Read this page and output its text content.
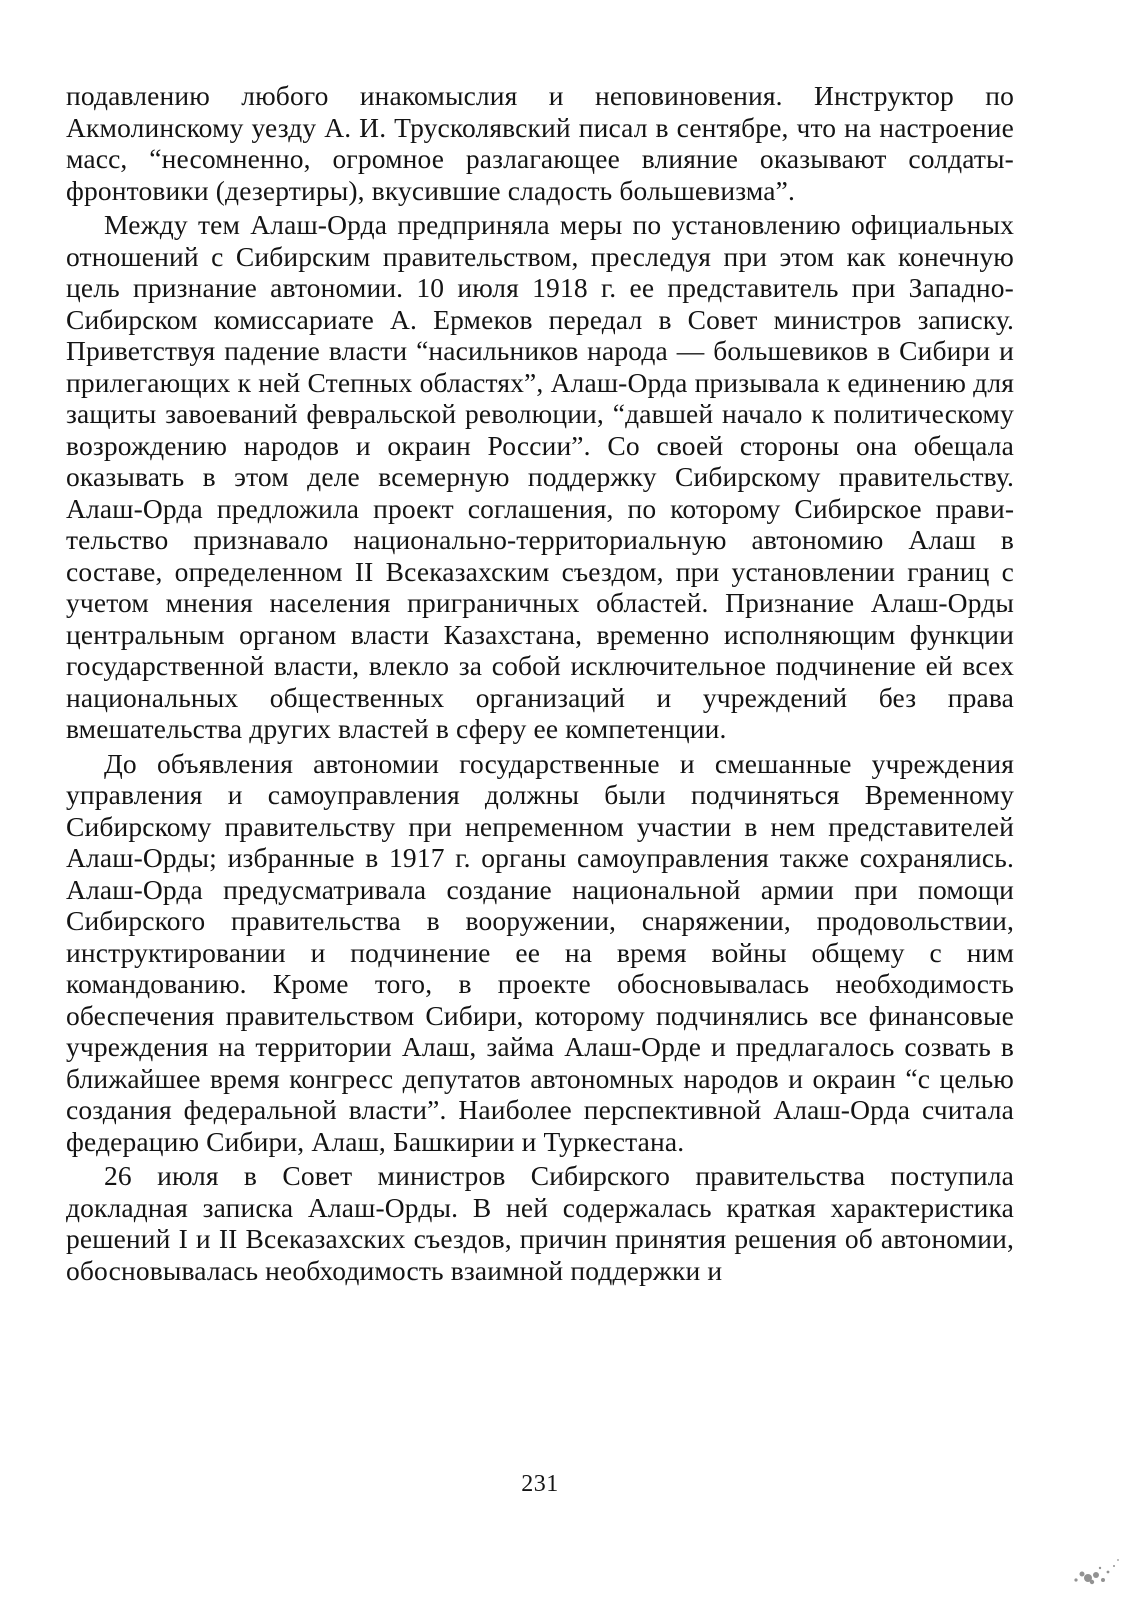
подавлению любого инакомыслия и неповиновения. Инструктор по Акмолинскому уезду А. И. Трусколявский писал в сентябре, что на настроение масс, “несомненно, огромное разлагающее влияние оказывают солдаты-фронтовики (дезертиры), вкусившие сладость большевизма”.

Между тем Алаш-Орда предприняла меры по установлению официальных отношений с Сибирским правительством, преследуя при этом как конечную цель признание автономии. 10 июля 1918 г. ее представитель при Западно-Сибирском комиссариате А. Ермеков передал в Совет министров записку. Приветствуя падение власти “насильников народа — большевиков в Сибири и прилегающих к ней Степных областях”, Алаш-Орда призывала к единению для защиты завоеваний февральской революции, “давшей начало к политическому возрождению народов и окраин России”. Со своей стороны она обещала оказывать в этом деле всемерную поддержку Сибирскому правительству. Алаш-Орда предложила проект соглашения, по которому Сибирское правительство признавало национально-территориальную автономию Алаш в составе, определенном II Всеказахским съездом, при установлении границ с учетом мнения населения приграничных областей. Признание Алаш-Орды центральным органом власти Казахстана, временно исполняющим функции государственной власти, влекло за собой исключительное подчинение ей всех национальных общественных организаций и учреждений без права вмешательства других властей в сферу ее компетенции.

До объявления автономии государственные и смешанные учреждения управления и самоуправления должны были подчиняться Временному Сибирскому правительству при непременном участии в нем представителей Алаш-Орды; избранные в 1917 г. органы самоуправления также сохранялись. Алаш-Орда предусматривала создание национальной армии при помощи Сибирского правительства в вооружении, снаряжении, продовольствии, инструктировании и подчинение ее на время войны общему с ним командованию. Кроме того, в проекте обосновывалась необходимость обеспечения правительством Сибири, которому подчинялись все финансовые учреждения на территории Алаш, займа Алаш-Орде и предлагалось созвать в ближайшее время конгресс депутатов автономных народов и окраин “с целью создания федеральной власти”. Наиболее перспективной Алаш-Орда считала федерацию Сибири, Алаш, Башкирии и Туркестана.

26 июля в Совет министров Сибирского правительства поступила докладная записка Алаш-Орды. В ней содержалась краткая характеристика решений I и II Всеказахских съездов, причин принятия решения об автономии, обосновывалась необходимость взаимной поддержки и

231
